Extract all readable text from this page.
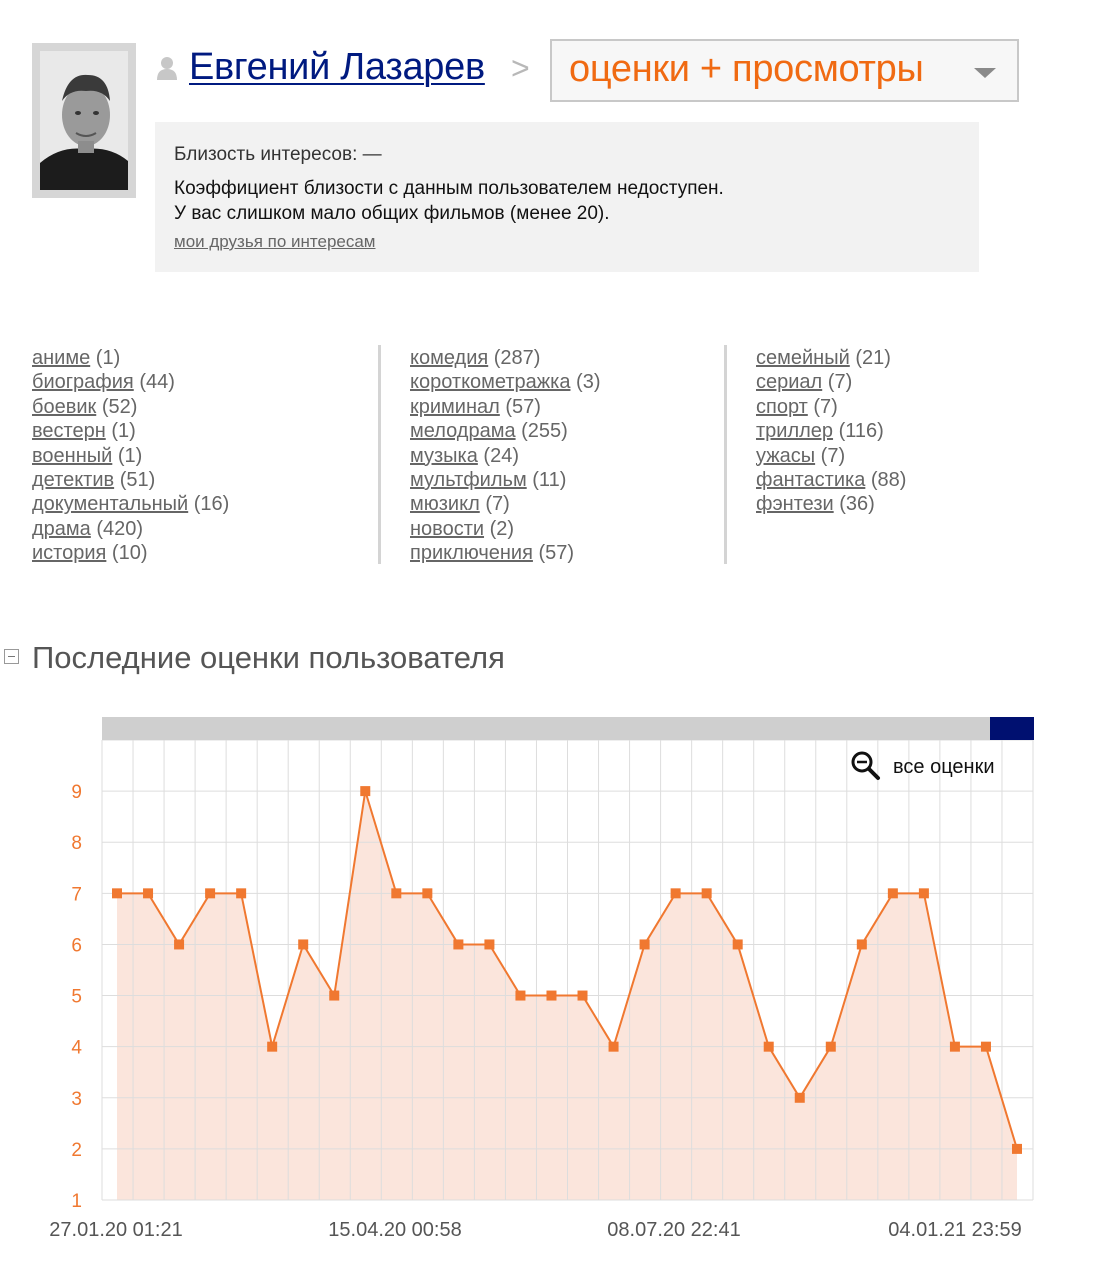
Евгений Лазарев > оценки + просмотры
Близость интересов: —
Коэффициент близости с данным пользователем недоступен.
У вас слишком мало общих фильмов (менее 20).
мои друзья по интересам
аниме (1)
биография (44)
боевик (52)
вестерн (1)
военный (1)
детектив (51)
документальный (16)
драма (420)
история (10)
комедия (287)
короткометражка (3)
криминал (57)
мелодрама (255)
музыка (24)
мультфильм (11)
мюзикл (7)
новости (2)
приключения (57)
семейный (21)
сериал (7)
спорт (7)
триллер (116)
ужасы (7)
фантастика (88)
фэнтези (36)
Последние оценки пользователя
1
2
3
4
5
6
7
8
9
27.01.20 01:21	15.04.20 00:58	08.07.20 22:41	04.01.21 23:59
все оценки
